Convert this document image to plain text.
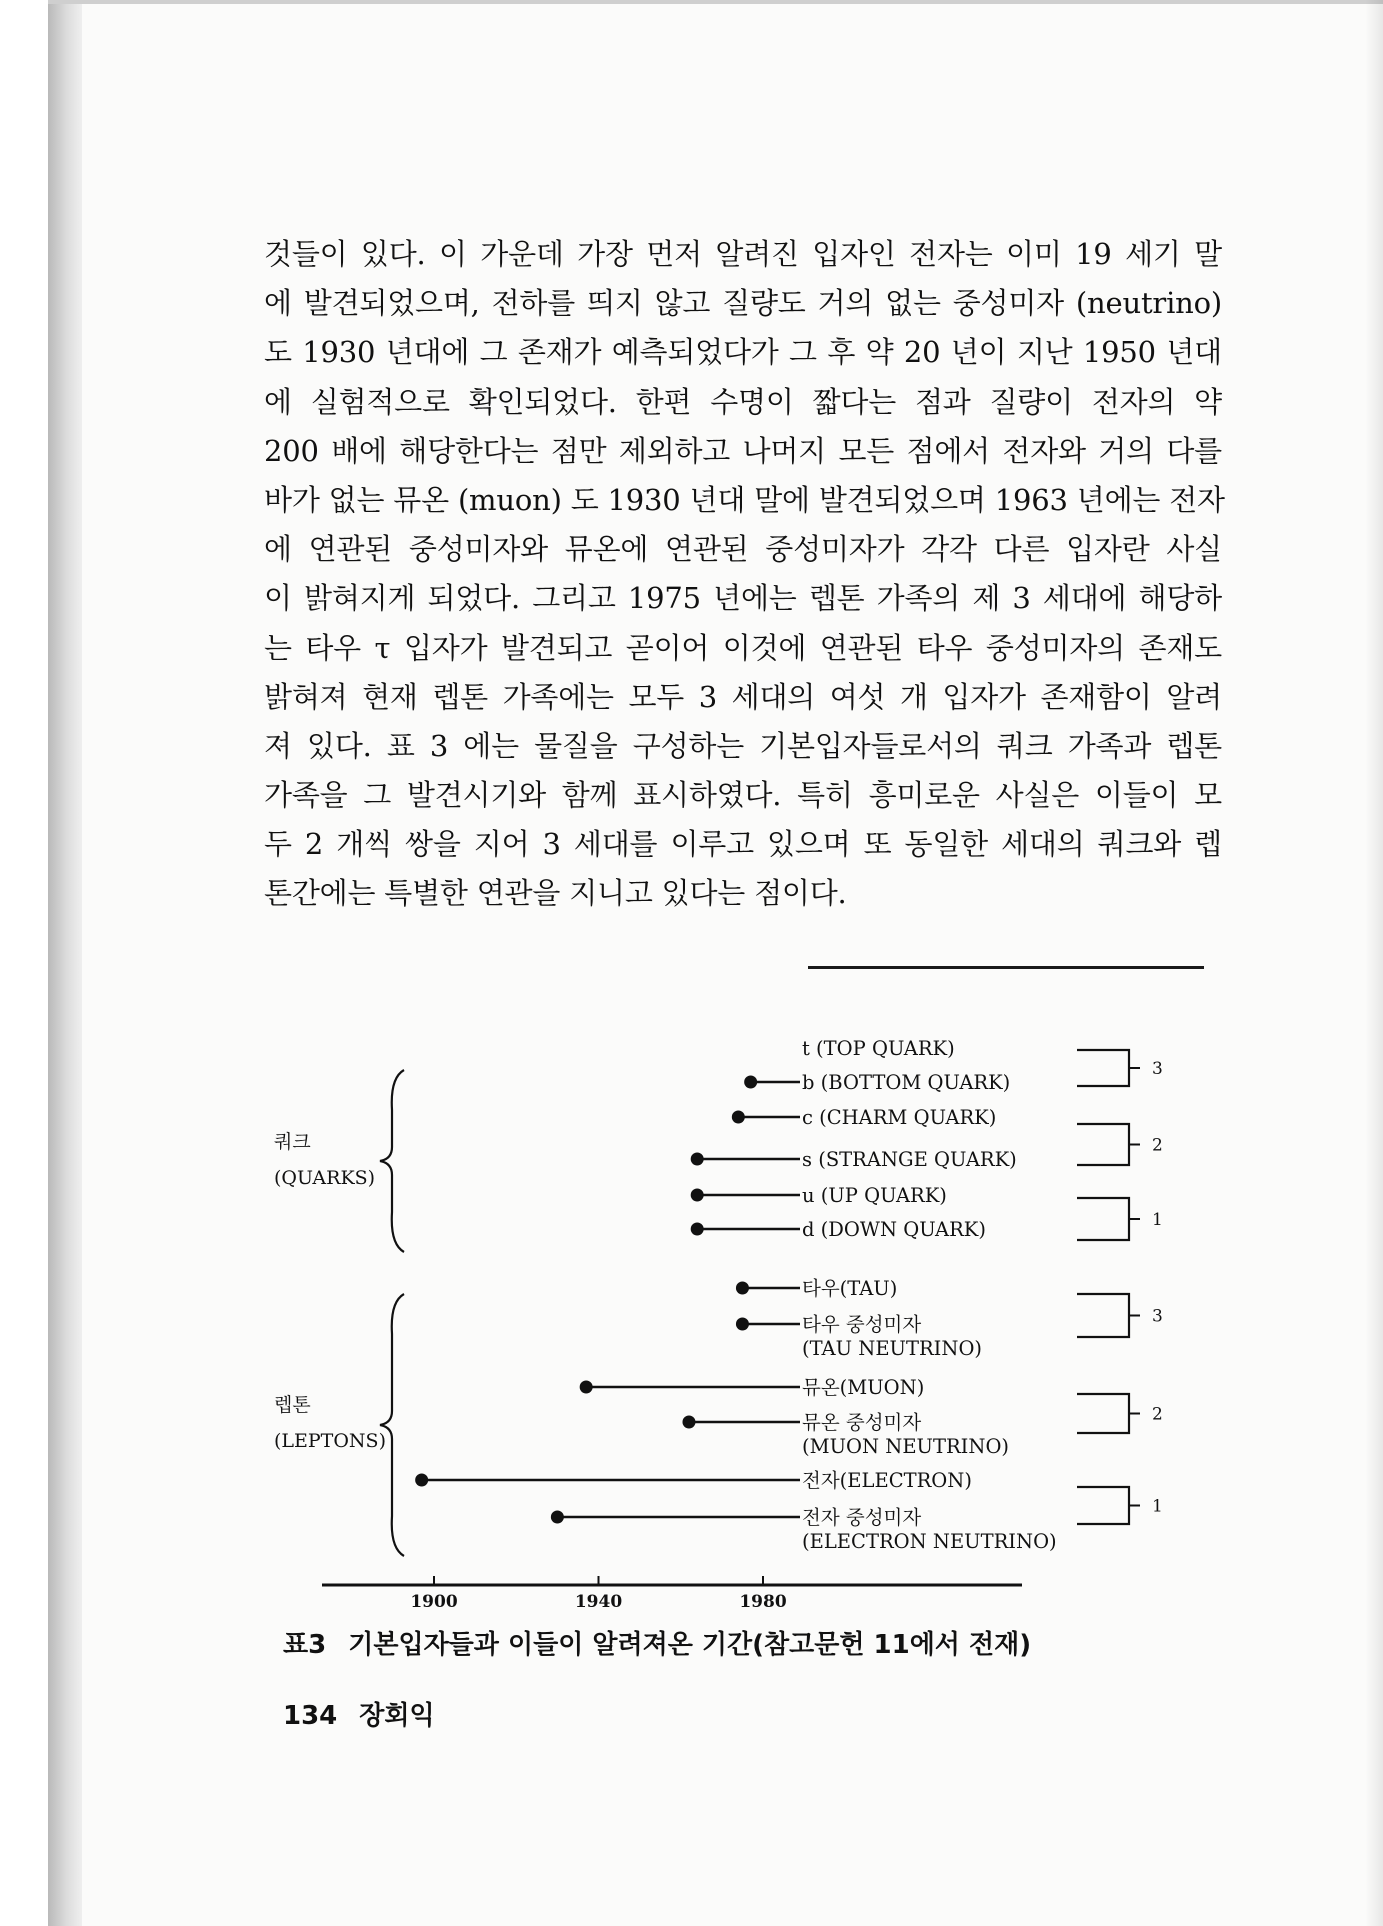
것들이 있다. 이 가운데 가장 먼저 알려진 입자인 전자는 이미 19 세기 말
에 발견되었으며, 전하를 띄지 않고 질량도 거의 없는 중성미자 (neutrino)
도 1930 년대에 그 존재가 예측되었다가 그 후 약 20 년이 지난 1950 년대
에 실험적으로 확인되었다. 한편 수명이 짧다는 점과 질량이 전자의 약
200 배에 해당한다는 점만 제외하고 나머지 모든 점에서 전자와 거의 다를
바가 없는 뮤온 (muon) 도 1930 년대 말에 발견되었으며 1963 년에는 전자
에 연관된 중성미자와 뮤온에 연관된 중성미자가 각각 다른 입자란 사실
이 밝혀지게 되었다. 그리고 1975 년에는 렙톤 가족의 제 3 세대에 해당하
는 타우 τ 입자가 발견되고 곧이어 이것에 연관된 타우 중성미자의 존재도
밝혀져 현재 렙톤 가족에는 모두 3 세대의 여섯 개 입자가 존재함이 알려
져 있다. 표 3 에는 물질을 구성하는 기본입자들로서의 쿼크 가족과 렙톤
가족을 그 발견시기와 함께 표시하였다. 특히 흥미로운 사실은 이들이 모
두 2 개씩 쌍을 지어 3 세대를 이루고 있으며 또 동일한 세대의 쿼크와 렙
톤간에는 특별한 연관을 지니고 있다는 점이다.
1900	1940	1980
쿼크
(QUARKS)
t (TOP QUARK)
b (BOTTOM QUARK)
c (CHARM QUARK)
s (STRANGE QUARK)
u (UP QUARK)
d (DOWN QUARK)
3
2
1
렙톤
(LEPTONS)
타우(TAU)
타우 중성미자
(TAU NEUTRINO)
뮤온(MUON)
뮤온 중성미자
(MUON NEUTRINO)
전자(ELECTRON)
전자 중성미자
(ELECTRON NEUTRINO)
3
2
1
표3 기본입자들과 이들이 알려져온 기간(참고문헌 11에서 전재)
134 장회익
